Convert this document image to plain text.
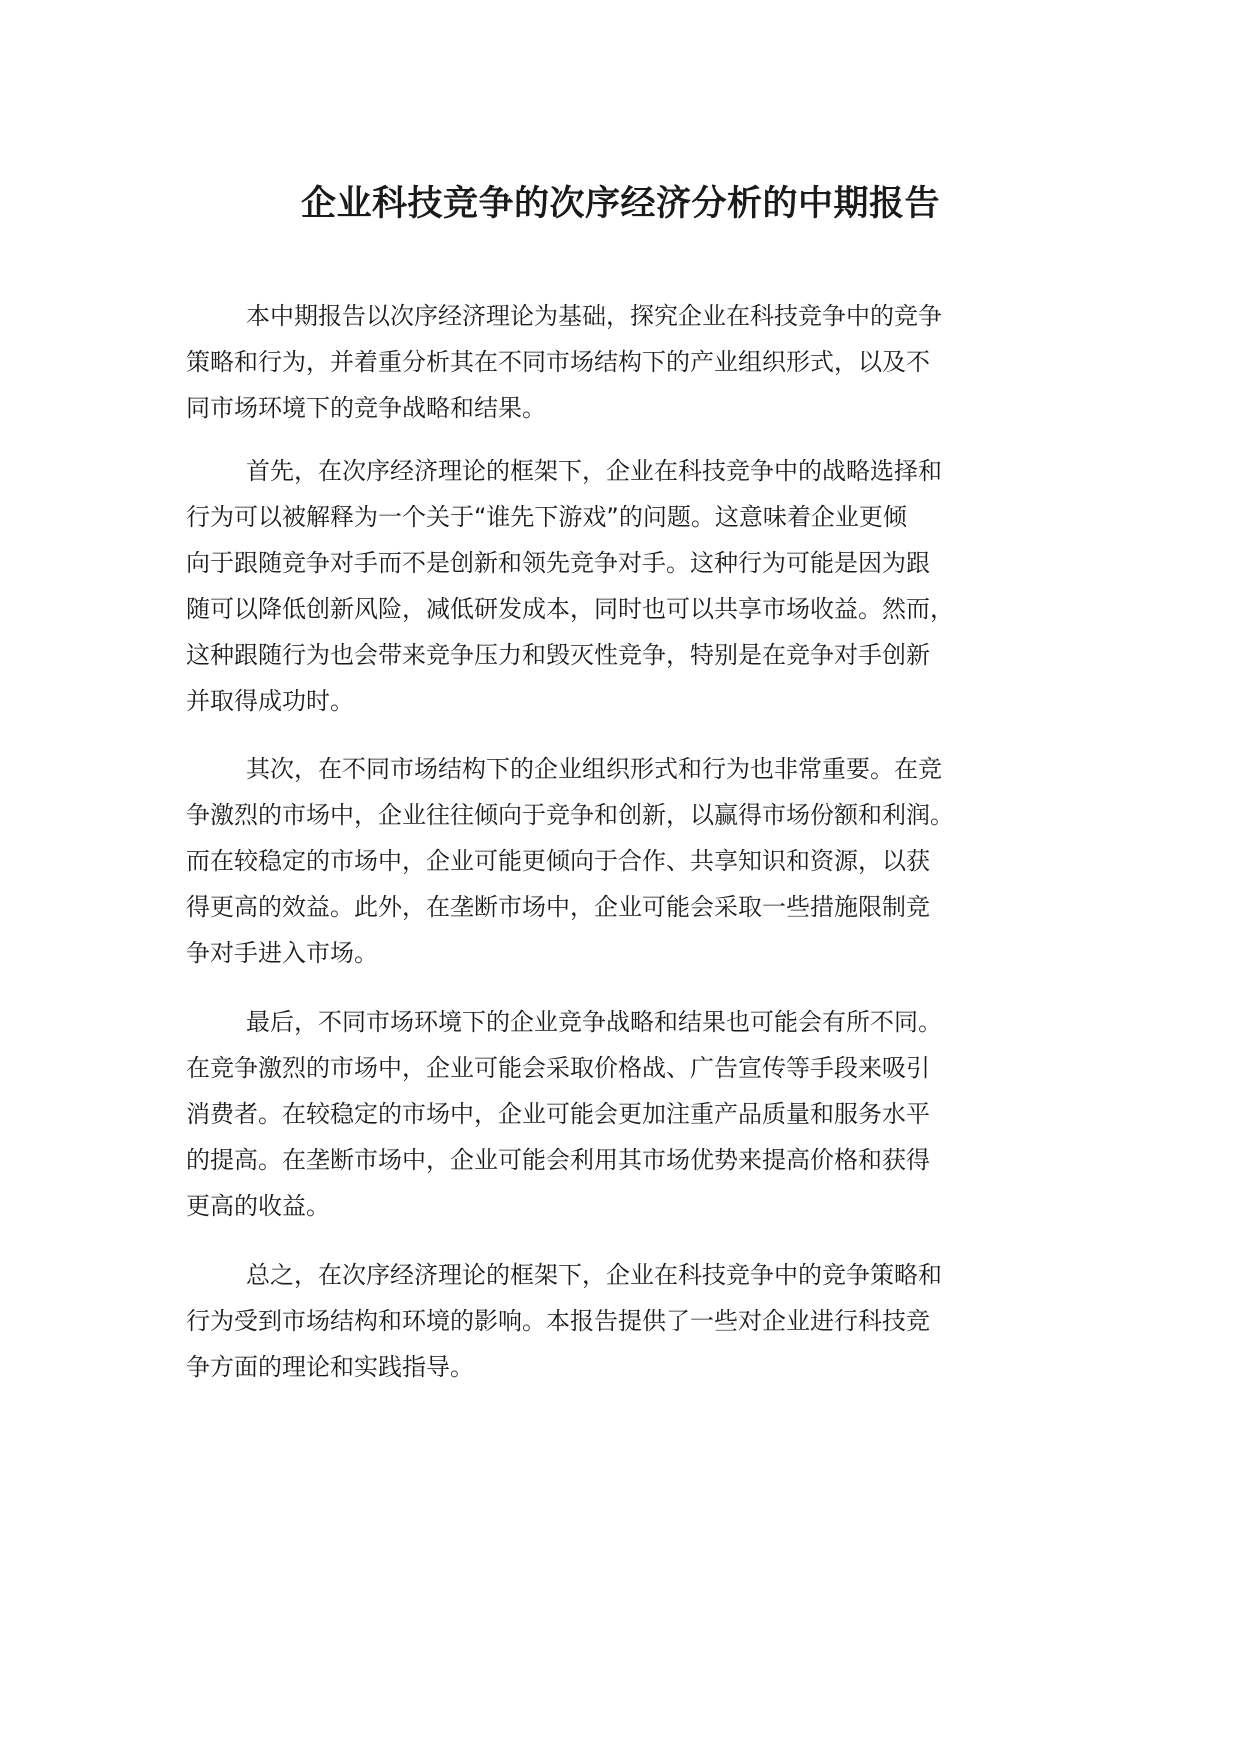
企业科技竞争的次序经济分析的中期报告

本中期报告以次序经济理论为基础，探究企业在科技竞争中的竞争
策略和行为，并着重分析其在不同市场结构下的产业组织形式，以及不
同市场环境下的竞争战略和结果。

首先，在次序经济理论的框架下，企业在科技竞争中的战略选择和
行为可以被解释为一个关于“谁先下游戏”的问题。这意味着企业更倾
向于跟随竞争对手而不是创新和领先竞争对手。这种行为可能是因为跟
随可以降低创新风险，减低研发成本，同时也可以共享市场收益。然而，
这种跟随行为也会带来竞争压力和毁灭性竞争，特别是在竞争对手创新
并取得成功时。

其次，在不同市场结构下的企业组织形式和行为也非常重要。在竞
争激烈的市场中，企业往往倾向于竞争和创新，以赢得市场份额和利润。
而在较稳定的市场中，企业可能更倾向于合作、共享知识和资源，以获
得更高的效益。此外，在垄断市场中，企业可能会采取一些措施限制竞
争对手进入市场。

最后，不同市场环境下的企业竞争战略和结果也可能会有所不同。
在竞争激烈的市场中，企业可能会采取价格战、广告宣传等手段来吸引
消费者。在较稳定的市场中，企业可能会更加注重产品质量和服务水平
的提高。在垄断市场中，企业可能会利用其市场优势来提高价格和获得
更高的收益。

总之，在次序经济理论的框架下，企业在科技竞争中的竞争策略和
行为受到市场结构和环境的影响。本报告提供了一些对企业进行科技竞
争方面的理论和实践指导。
